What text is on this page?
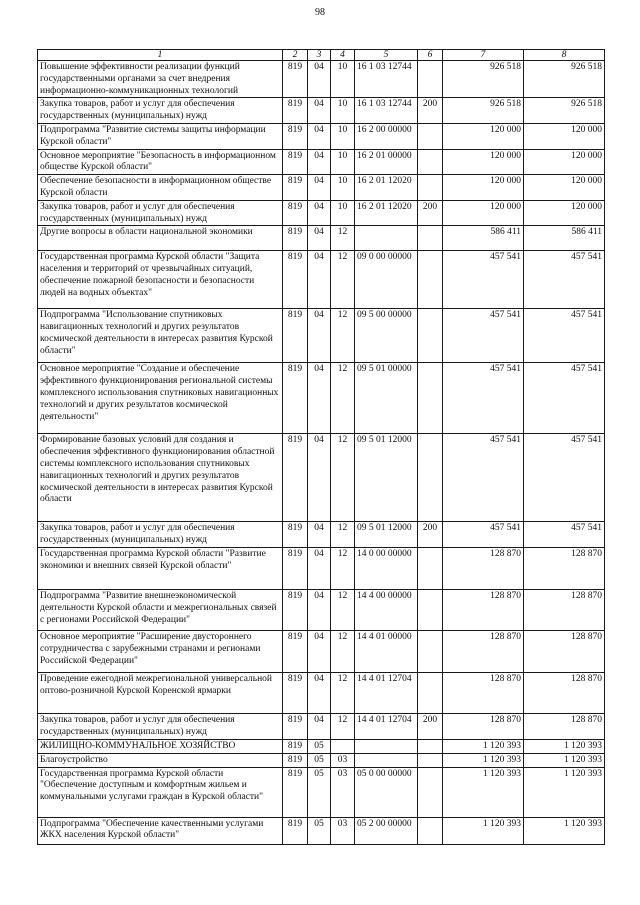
98
1	2	3	4	5	6	7	8
Повышение эффективности реализации функций государственными органами за счет внедрения информационно-коммуникационных технологий	819	04	10	16 1 03 12744		926 518	926 518
Закупка товаров, работ и услуг для обеспечения государственных (муниципальных) нужд	819	04	10	16 1 03 12744	200	926 518	926 518
Подпрограмма "Развитие системы защиты информации Курской области"	819	04	10	16 2 00 00000		120 000	120 000
Основное мероприятие "Безопасность в информационном обществе Курской области"	819	04	10	16 2 01 00000		120 000	120 000
Обеспечение безопасности в информационном обществе Курской области	819	04	10	16 2 01 12020		120 000	120 000
Закупка товаров, работ и услуг для обеспечения государственных (муниципальных) нужд	819	04	10	16 2 01 12020	200	120 000	120 000
Другие вопросы в области национальной экономики	819	04	12			586 411	586 411
Государственная программа Курской области "Защита населения и территорий от чрезвычайных ситуаций, обеспечение пожарной безопасности и безопасности людей на водных объектах"	819	04	12	09 0 00 00000		457 541	457 541
Подпрограмма "Использование спутниковых навигационных технологий и других результатов космической деятельности в интересах развития Курской области"	819	04	12	09 5 00 00000		457 541	457 541
Основное мероприятие "Создание и обеспечение эффективного функционирования региональной системы комплексного использования спутниковых навигационных технологий и других результатов космической деятельности"	819	04	12	09 5 01 00000		457 541	457 541
Формирование базовых условий для создания и обеспечения эффективного функционирования областной системы комплексного использования спутниковых навигационных технологий и других результатов космической деятельности в интересах развития Курской области	819	04	12	09 5 01 12000		457 541	457 541
Закупка товаров, работ и услуг для обеспечения государственных (муниципальных) нужд	819	04	12	09 5 01 12000	200	457 541	457 541
Государственная программа Курской области "Развитие экономики и внешних связей Курской области"	819	04	12	14 0 00 00000		128 870	128 870
Подпрограмма "Развитие внешнеэкономической деятельности Курской области и межрегиональных связей с регионами Российской Федерации"	819	04	12	14 4 00 00000		128 870	128 870
Основное мероприятие "Расширение двустороннего сотрудничества с зарубежными странами и регионами Российской Федерации"	819	04	12	14 4 01 00000		128 870	128 870
Проведение ежегодной межрегиональной универсальной оптово-розничной Курской Коренской ярмарки	819	04	12	14 4 01 12704		128 870	128 870
Закупка товаров, работ и услуг для обеспечения государственных (муниципальных) нужд	819	04	12	14 4 01 12704	200	128 870	128 870
ЖИЛИЩНО-КОММУНАЛЬНОЕ ХОЗЯЙСТВО	819	05				1 120 393	1 120 393
Благоустройство	819	05	03			1 120 393	1 120 393
Государственная программа Курской области "Обеспечение доступным и комфортным жильем и коммунальными услугами граждан в Курской области"	819	05	03	05 0 00 00000		1 120 393	1 120 393
Подпрограмма "Обеспечение качественными услугами ЖКХ населения Курской области"	819	05	03	05 2 00 00000		1 120 393	1 120 393
